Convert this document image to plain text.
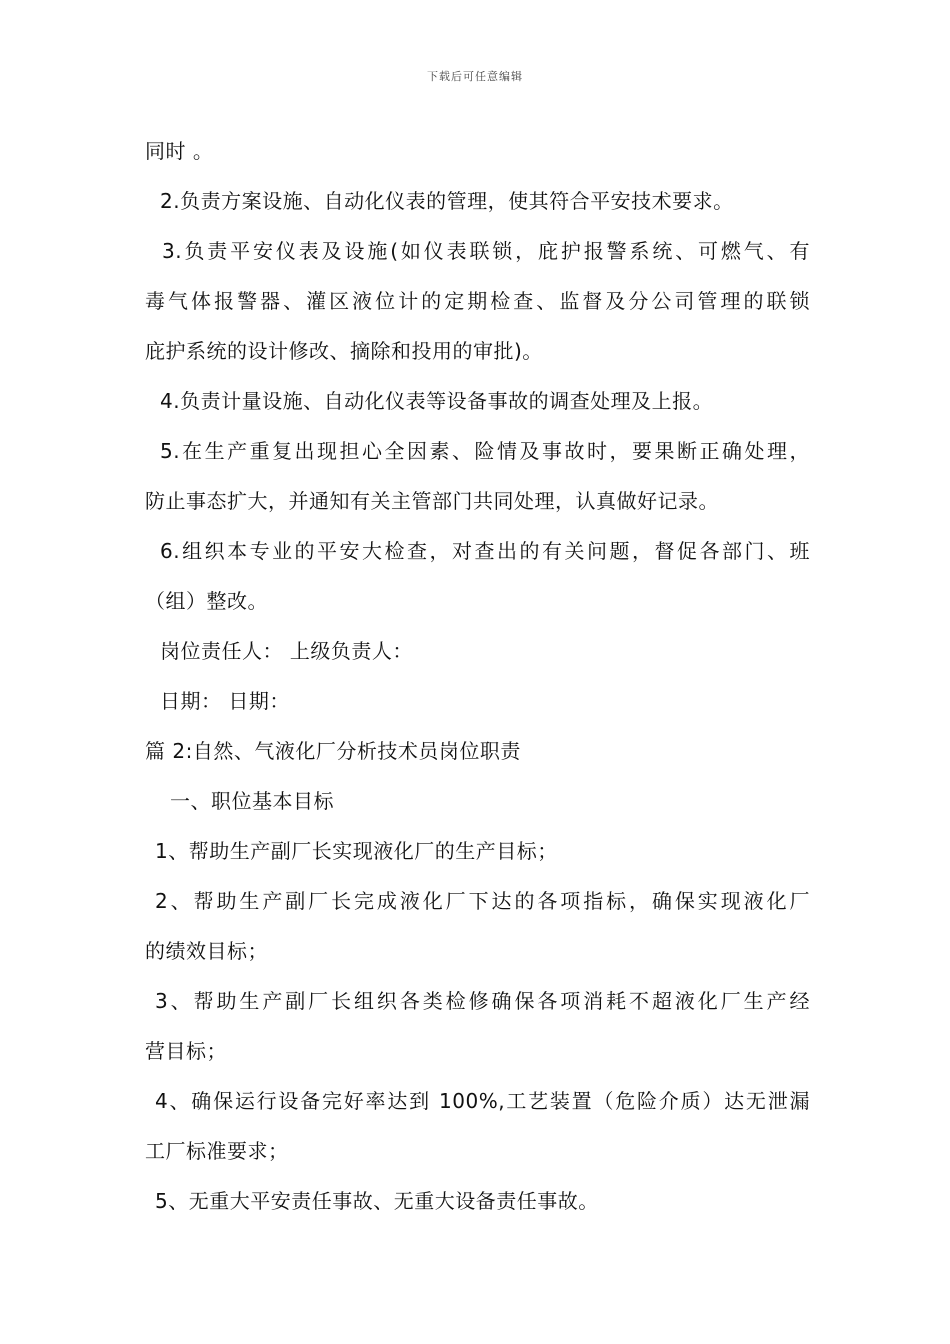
下载后可任意编辑
同时 。
2.负责方案设施、自动化仪表的管理，使其符合平安技术要求。
3.负责平安仪表及设施(如仪表联锁，庇护报警系统、可燃气、有
毒气体报警器、灌区液位计的定期检查、监督及分公司管理的联锁
庇护系统的设计修改、摘除和投用的审批)。
4.负责计量设施、自动化仪表等设备事故的调查处理及上报。
5.在生产重复出现担心全因素、险情及事故时，要果断正确处理，
防止事态扩大，并通知有关主管部门共同处理，认真做好记录。
6.组织本专业的平安大检查，对查出的有关问题，督促各部门、班
（组）整改。
岗位责任人： 上级负责人：
日期： 日期：
篇 2:自然、气液化厂分析技术员岗位职责
一、职位基本目标
1、帮助生产副厂长实现液化厂的生产目标；
2、帮助生产副厂长完成液化厂下达的各项指标，确保实现液化厂
的绩效目标；
3、帮助生产副厂长组织各类检修确保各项消耗不超液化厂生产经
营目标；
4、确保运行设备完好率达到 100%,工艺装置（危险介质）达无泄漏
工厂标准要求；
5、无重大平安责任事故、无重大设备责任事故。
